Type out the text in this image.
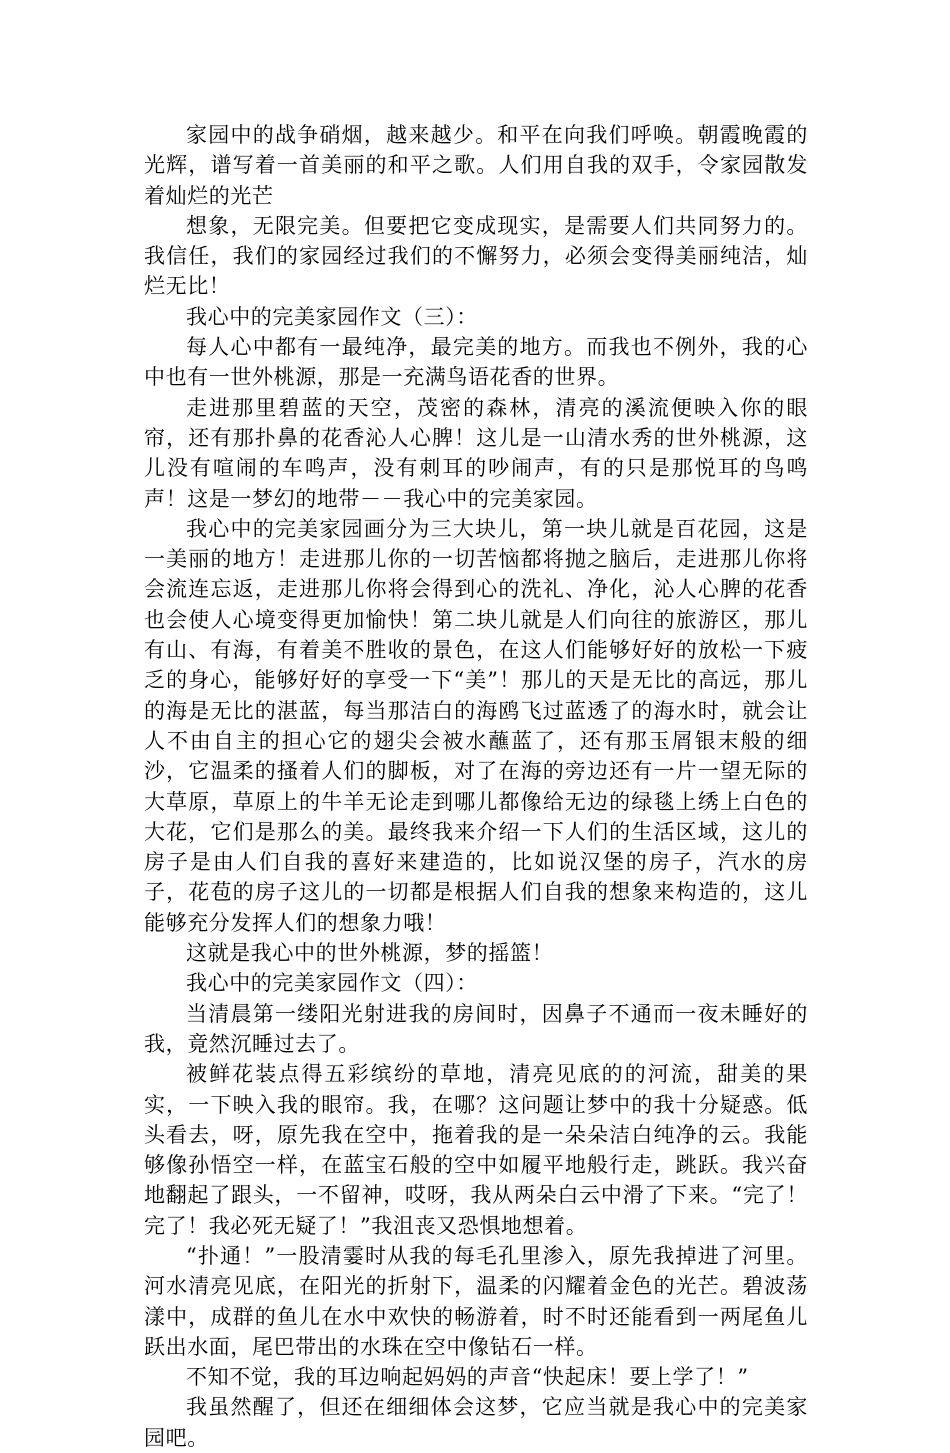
家园中的战争硝烟，越来越少。和平在向我们呼唤。朝霞晚霞的光辉，谱写着一首美丽的和平之歌。人们用自我的双手，令家园散发着灿烂的光芒

想象，无限完美。但要把它变成现实，是需要人们共同努力的。我信任，我们的家园经过我们的不懈努力，必须会变得美丽纯洁，灿烂无比！

我心中的完美家园作文（三）：

每人心中都有一最纯净，最完美的地方。而我也不例外，我的心中也有一世外桃源，那是一充满鸟语花香的世界。

走进那里碧蓝的天空，茂密的森林，清亮的溪流便映入你的眼帘，还有那扑鼻的花香沁人心脾！这儿是一山清水秀的世外桃源，这儿没有喧闹的车鸣声，没有刺耳的吵闹声，有的只是那悦耳的鸟鸣声！这是一梦幻的地带－－我心中的完美家园。

我心中的完美家园画分为三大块儿，第一块儿就是百花园，这是一美丽的地方！走进那儿你的一切苦恼都将抛之脑后，走进那儿你将会流连忘返，走进那儿你将会得到心的洗礼、净化，沁人心脾的花香也会使人心境变得更加愉快！第二块儿就是人们向往的旅游区，那儿有山、有海，有着美不胜收的景色，在这人们能够好好的放松一下疲乏的身心，能够好好的享受一下“美”！那儿的天是无比的高远，那儿的海是无比的湛蓝，每当那洁白的海鸥飞过蓝透了的海水时，就会让人不由自主的担心它的翅尖会被水蘸蓝了，还有那玉屑银末般的细沙，它温柔的搔着人们的脚板，对了在海的旁边还有一片一望无际的大草原，草原上的牛羊无论走到哪儿都像给无边的绿毯上绣上白色的大花，它们是那么的美。最终我来介绍一下人们的生活区域，这儿的房子是由人们自我的喜好来建造的，比如说汉堡的房子，汽水的房子，花苞的房子这儿的一切都是根据人们自我的想象来构造的，这儿能够充分发挥人们的想象力哦！

这就是我心中的世外桃源，梦的摇篮！

我心中的完美家园作文（四）：

当清晨第一缕阳光射进我的房间时，因鼻子不通而一夜未睡好的我，竟然沉睡过去了。

被鲜花装点得五彩缤纷的草地，清亮见底的的河流，甜美的果实，一下映入我的眼帘。我，在哪？这问题让梦中的我十分疑惑。低头看去，呀，原先我在空中，拖着我的是一朵朵洁白纯净的云。我能够像孙悟空一样，在蓝宝石般的空中如履平地般行走，跳跃。我兴奋地翻起了跟头，一不留神，哎呀，我从两朵白云中滑了下来。“完了！完了！我必死无疑了！”我沮丧又恐惧地想着。

“扑通！”一股清霎时从我的每毛孔里渗入，原先我掉进了河里。河水清亮见底，在阳光的折射下，温柔的闪耀着金色的光芒。碧波荡漾中，成群的鱼儿在水中欢快的畅游着，时不时还能看到一两尾鱼儿跃出水面，尾巴带出的水珠在空中像钻石一样。

不知不觉，我的耳边响起妈妈的声音“快起床！要上学了！”

我虽然醒了，但还在细细体会这梦，它应当就是我心中的完美家园吧。
